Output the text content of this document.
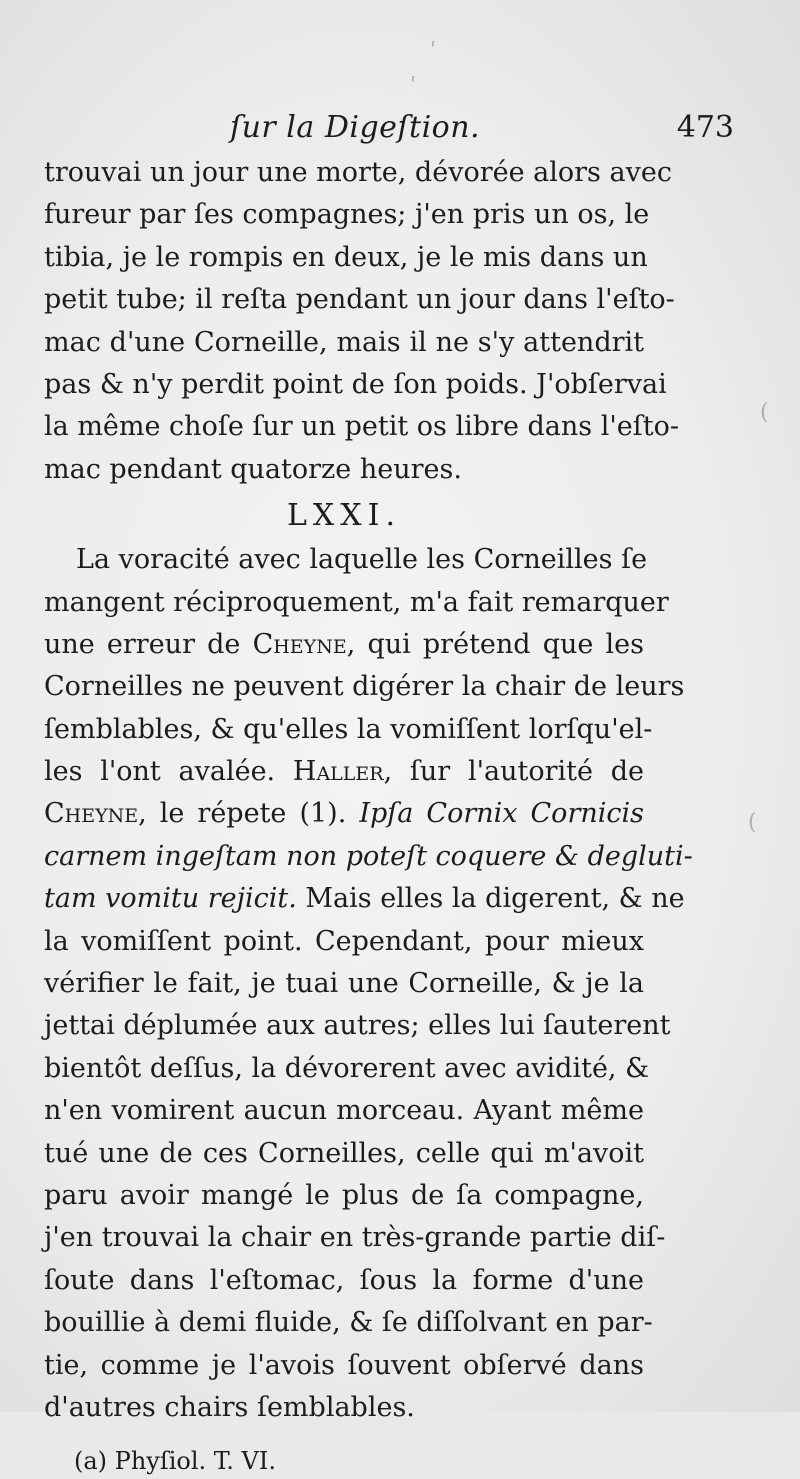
ʹ
ʹ
(
(
ſur la Digeſtion.	473
trouvai un jour une morte, dévorée alors avec
fureur par ſes compagnes; j'en pris un os, le
tibia, je le rompis en deux, je le mis dans un
petit tube; il reſta pendant un jour dans l'eſto-
mac d'une Corneille, mais il ne s'y attendrit
pas & n'y perdit point de ſon poids. J'obſervai
la même choſe ſur un petit os libre dans l'eſto-
mac pendant quatorze heures.
LXXI.
La voracité avec laquelle les Corneilles ſe
mangent réciproquement, m'a fait remarquer
une erreur de Cheyne, qui prétend que les
Corneilles ne peuvent digérer la chair de leurs
ſemblables, & qu'elles la vomiſſent lorſqu'el-
les l'ont avalée. Haller, ſur l'autorité de
Cheyne, le répete (1). Ipſa Cornix Cornicis
carnem ingeſtam non poteſt coquere & degluti-
tam vomitu rejicit. Mais elles la digerent, & ne
la vomiſſent point. Cependant, pour mieux
vérifier le fait, je tuai une Corneille, & je la
jettai déplumée aux autres; elles lui ſauterent
bientôt deſſus, la dévorerent avec avidité, &
n'en vomirent aucun morceau. Ayant même
tué une de ces Corneilles, celle qui m'avoit
paru avoir mangé le plus de ſa compagne,
j'en trouvai la chair en très-grande partie diſ-
ſoute dans l'eſtomac, ſous la forme d'une
bouillie à demi fluide, & ſe diſſolvant en par-
tie, comme je l'avois ſouvent obſervé dans
d'autres chairs ſemblables.
(a) Phyſiol. T. VI.
